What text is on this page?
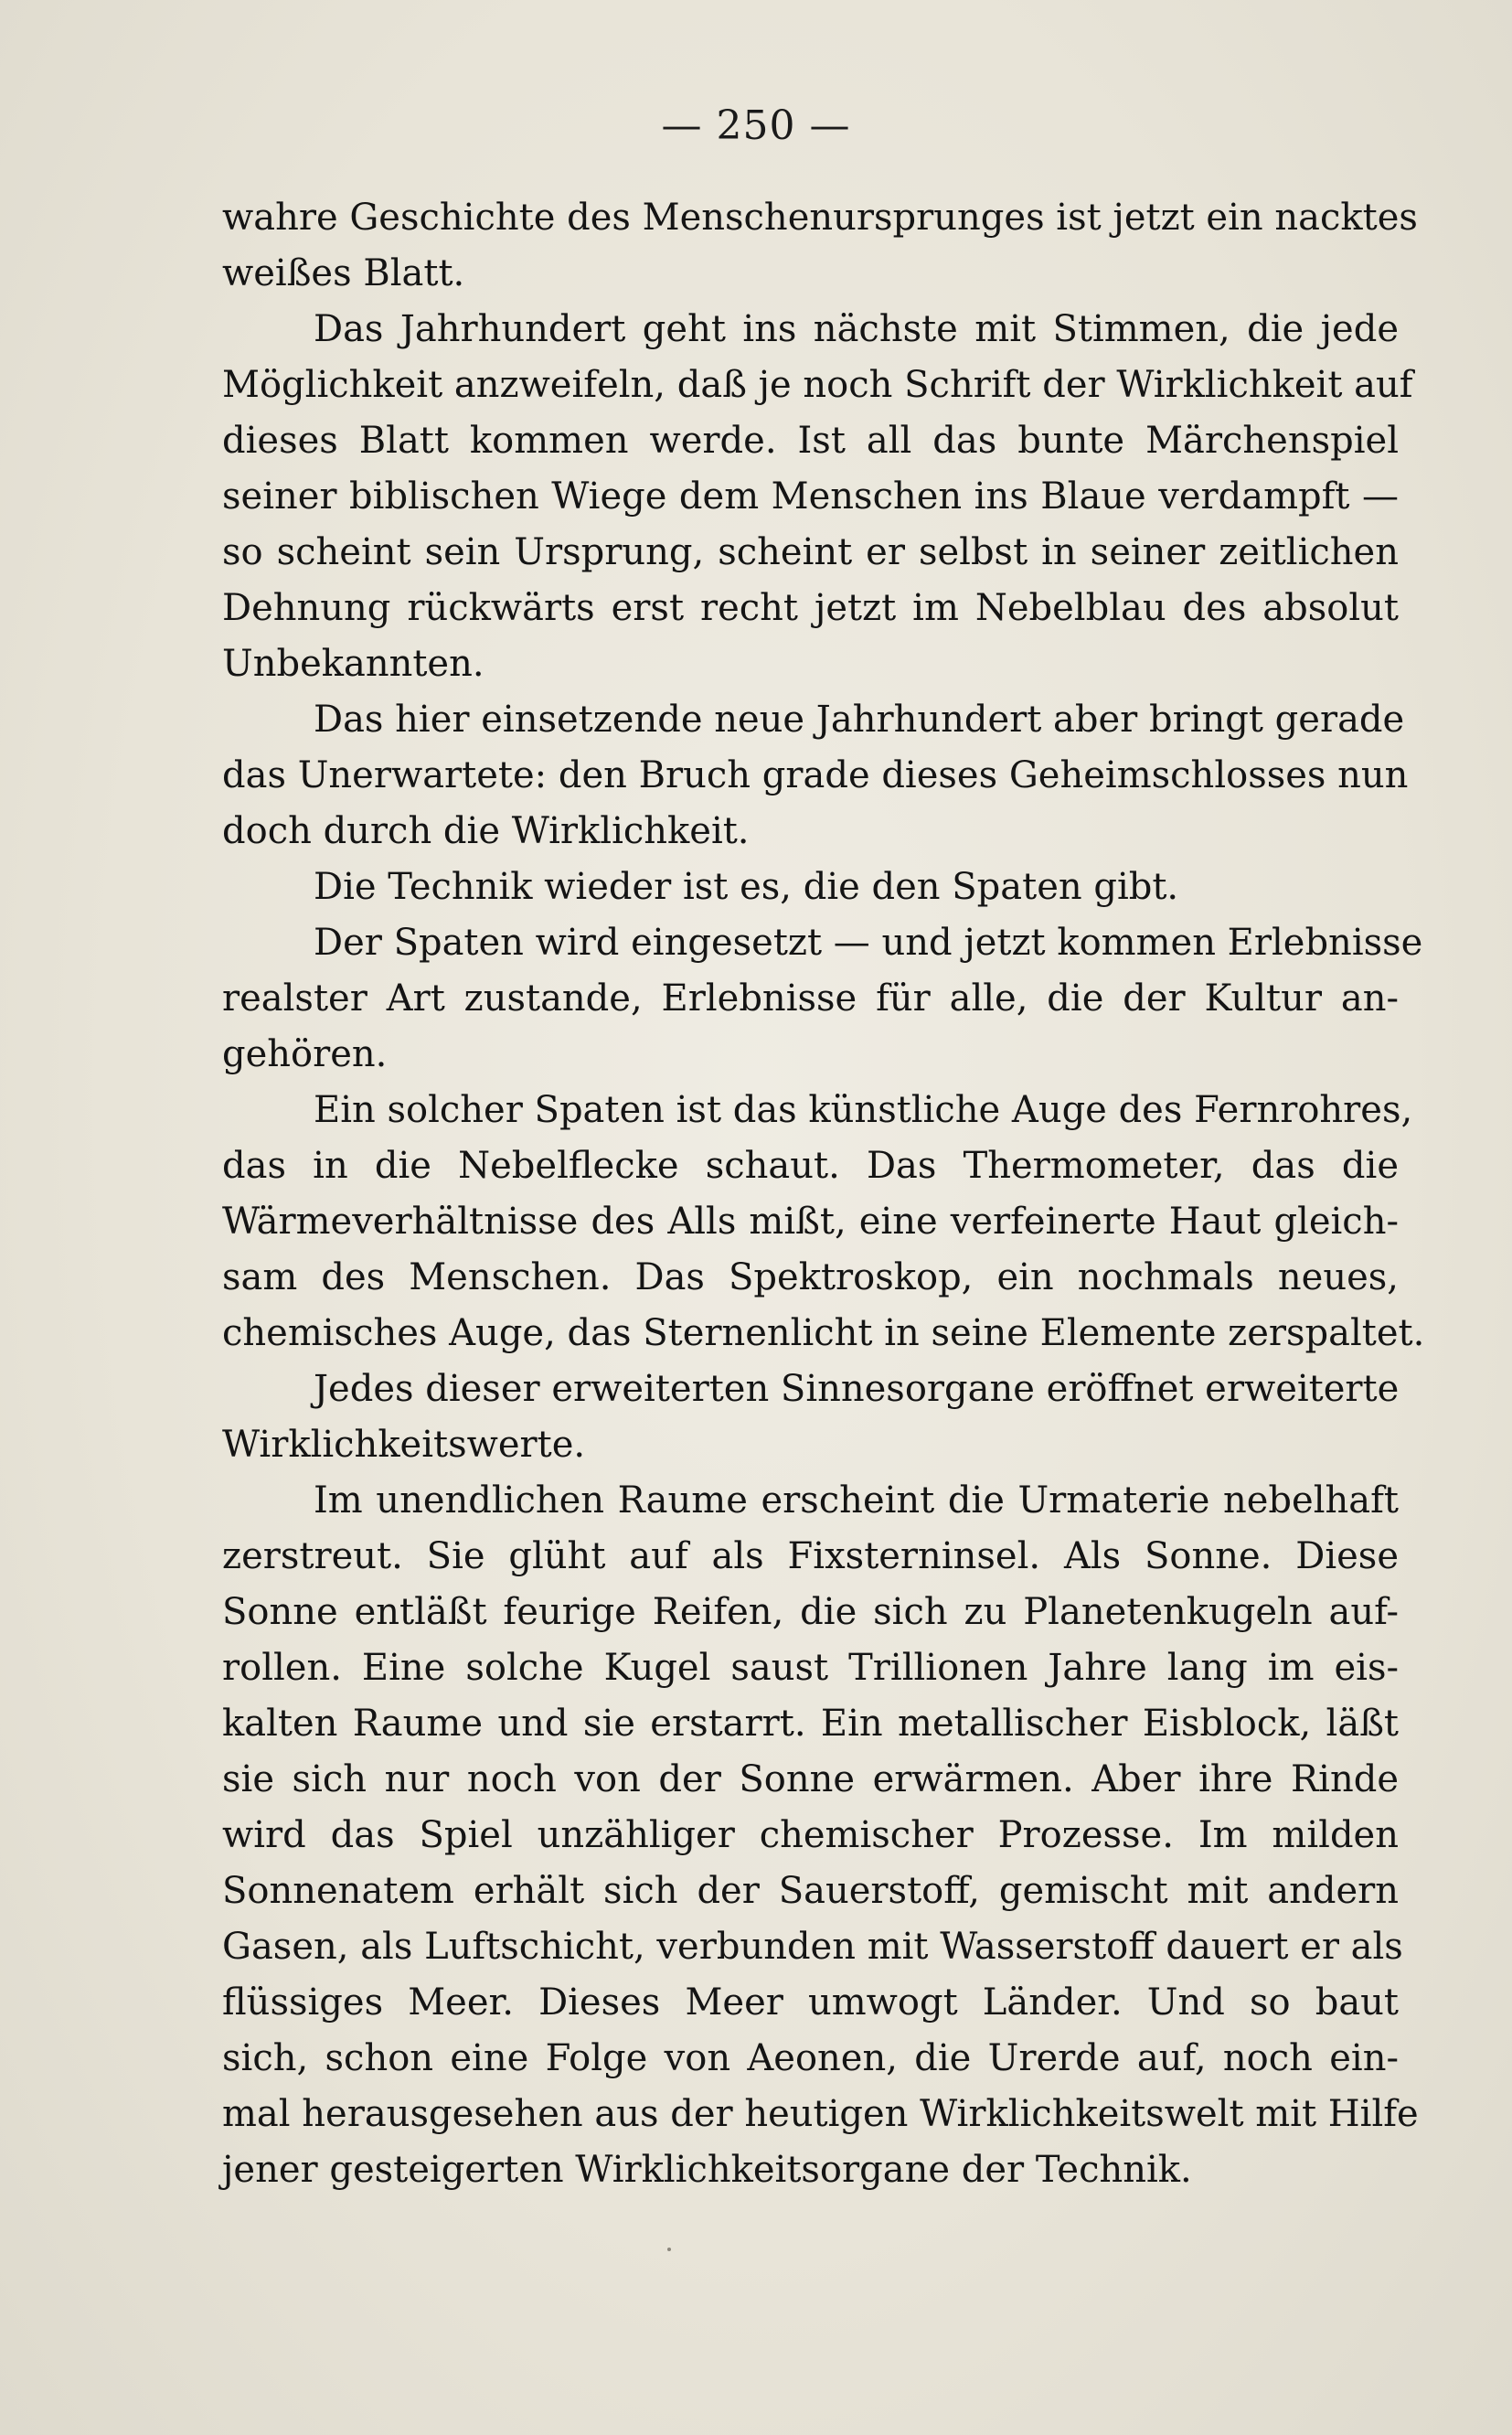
— 250 —
wahre Geschichte des Menschenursprunges ist jetzt ein nacktes
weißes Blatt.
Das Jahrhundert geht ins nächste mit Stimmen, die jede
Möglichkeit anzweifeln, daß je noch Schrift der Wirklichkeit auf
dieses Blatt kommen werde. Ist all das bunte Märchenspiel
seiner biblischen Wiege dem Menschen ins Blaue verdampft —
so scheint sein Ursprung, scheint er selbst in seiner zeitlichen
Dehnung rückwärts erst recht jetzt im Nebelblau des absolut
Unbekannten.
Das hier einsetzende neue Jahrhundert aber bringt gerade
das Unerwartete: den Bruch grade dieses Geheimschlosses nun
doch durch die Wirklichkeit.
Die Technik wieder ist es, die den Spaten gibt.
Der Spaten wird eingesetzt — und jetzt kommen Erlebnisse
realster Art zustande, Erlebnisse für alle, die der Kultur an-
gehören.
Ein solcher Spaten ist das künstliche Auge des Fernrohres,
das in die Nebelflecke schaut. Das Thermometer, das die
Wärmeverhältnisse des Alls mißt, eine verfeinerte Haut gleich-
sam des Menschen. Das Spektroskop, ein nochmals neues,
chemisches Auge, das Sternenlicht in seine Elemente zerspaltet.
Jedes dieser erweiterten Sinnesorgane eröffnet erweiterte
Wirklichkeitswerte.
Im unendlichen Raume erscheint die Urmaterie nebelhaft
zerstreut. Sie glüht auf als Fixsterninsel. Als Sonne. Diese
Sonne entläßt feurige Reifen, die sich zu Planetenkugeln auf-
rollen. Eine solche Kugel saust Trillionen Jahre lang im eis-
kalten Raume und sie erstarrt. Ein metallischer Eisblock, läßt
sie sich nur noch von der Sonne erwärmen. Aber ihre Rinde
wird das Spiel unzähliger chemischer Prozesse. Im milden
Sonnenatem erhält sich der Sauerstoff, gemischt mit andern
Gasen, als Luftschicht, verbunden mit Wasserstoff dauert er als
flüssiges Meer. Dieses Meer umwogt Länder. Und so baut
sich, schon eine Folge von Aeonen, die Urerde auf, noch ein-
mal herausgesehen aus der heutigen Wirklichkeitswelt mit Hilfe
jener gesteigerten Wirklichkeitsorgane der Technik.
